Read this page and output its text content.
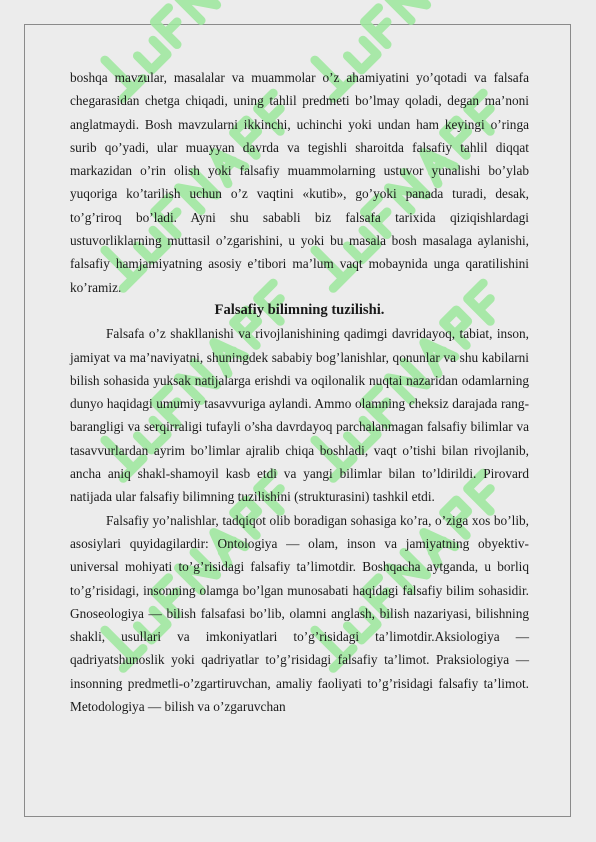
boshqa mavzular, masalalar va muammolar o’z ahamiyatini yo’qotadi va falsafa chegarasidan chetga chiqadi, uning tahlil predmeti bo’lmay qoladi, degan ma’noni anglatmaydi. Bosh mavzularni ikkinchi, uchinchi yoki undan ham keyingi o’ringa surib qo’yadi, ular muayyan davrda va tegishli sharoitda falsafiy tahlil diqqat markazidan o’rin olish yoki falsafiy muammolarning ustuvor yunalishi bo’ylab yuqoriga ko’tarilish uchun o’z vaqtini «kutib», go’yoki panada turadi, desak, to’g’riroq bo’ladi. Ayni shu sababli biz falsafa tarixida qiziqishlardagi ustuvorliklarning muttasil o’zgarishini, u yoki bu masala bosh masalaga aylanishi, falsafiy hamjamiyatning asosiy e’tibori ma’lum vaqt mobaynida unga qaratilishini ko’ramiz.

Falsafiy bilimning tuzilishi.

Falsafa o’z shakllanishi va rivojlanishining qadimgi davridayoq, tabiat, inson, jamiyat va ma’naviyatni, shuningdek sababiy bog’lanishlar, qonunlar va shu kabilarni bilish sohasida yuksak natijalarga erishdi va oqilonalik nuqtai nazaridan odamlarning dunyo haqidagi umumiy tasavvuriga aylandi. Ammo olamning cheksiz darajada rang-barangligi va serqirraligi tufayli o’sha davrdayoq parchalanmagan falsafiy bilimlar va tasavvurlardan ayrim bo’limlar ajralib chiqa boshladi, vaqt o’tishi bilan rivojlanib, ancha aniq shakl-shamoyil kasb etdi va yangi bilimlar bilan to’ldirildi. Pirovard natijada ular falsafiy bilimning tuzilishini (strukturasini) tashkil etdi.

Falsafiy yo’nalishlar, tadqiqot olib boradigan sohasiga ko’ra, o’ziga xos bo’lib, asosiylari quyidagilardir: Ontologiya — olam, inson va jamiyatning obyektiv-universal mohiyati to’g’risidagi falsafiy ta’limotdir. Boshqacha aytganda, u borliq to’g’risidagi, insonning olamga bo’lgan munosabati haqidagi falsafiy bilim sohasidir. Gnoseologiya — bilish falsafasi bo’lib, olamni anglash, bilish nazariyasi, bilishning shakli, usullari va imkoniyatlari to’g’risidagi ta’limotdir.Aksiologiya — qadriyatshunoslik yoki qadriyatlar to’g’risidagi falsafiy ta’limot. Praksiologiya — insonning predmetli-o’zgartiruvchan, amaliy faoliyati to’g’risidagi falsafiy ta’limot. Metodologiya — bilish va o’zgaruvchan
